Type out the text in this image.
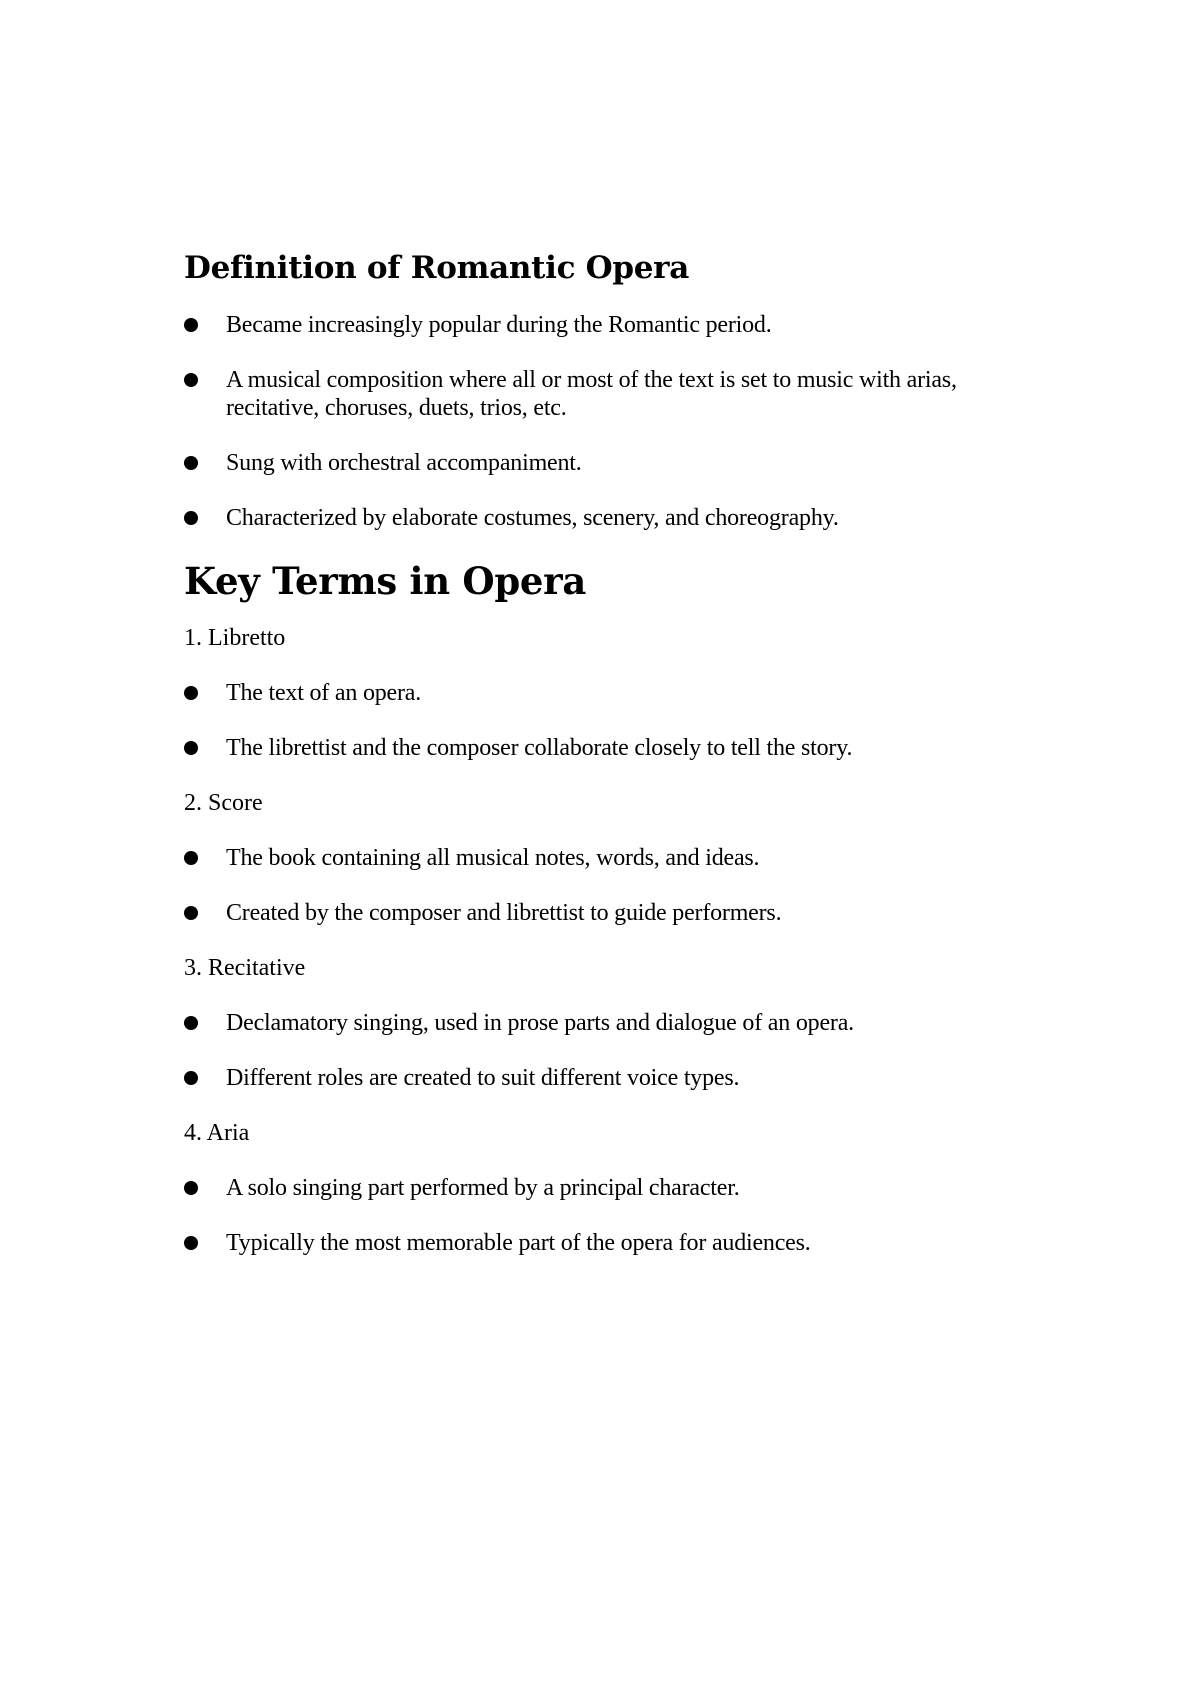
Definition of Romantic Opera
Became increasingly popular during the Romantic period.
A musical composition where all or most of the text is set to music with arias, recitative, choruses, duets, trios, etc.
Sung with orchestral accompaniment.
Characterized by elaborate costumes, scenery, and choreography.
Key Terms in Opera
1. Libretto
The text of an opera.
The librettist and the composer collaborate closely to tell the story.
2. Score
The book containing all musical notes, words, and ideas.
Created by the composer and librettist to guide performers.
3. Recitative
Declamatory singing, used in prose parts and dialogue of an opera.
Different roles are created to suit different voice types.
4. Aria
A solo singing part performed by a principal character.
Typically the most memorable part of the opera for audiences.
